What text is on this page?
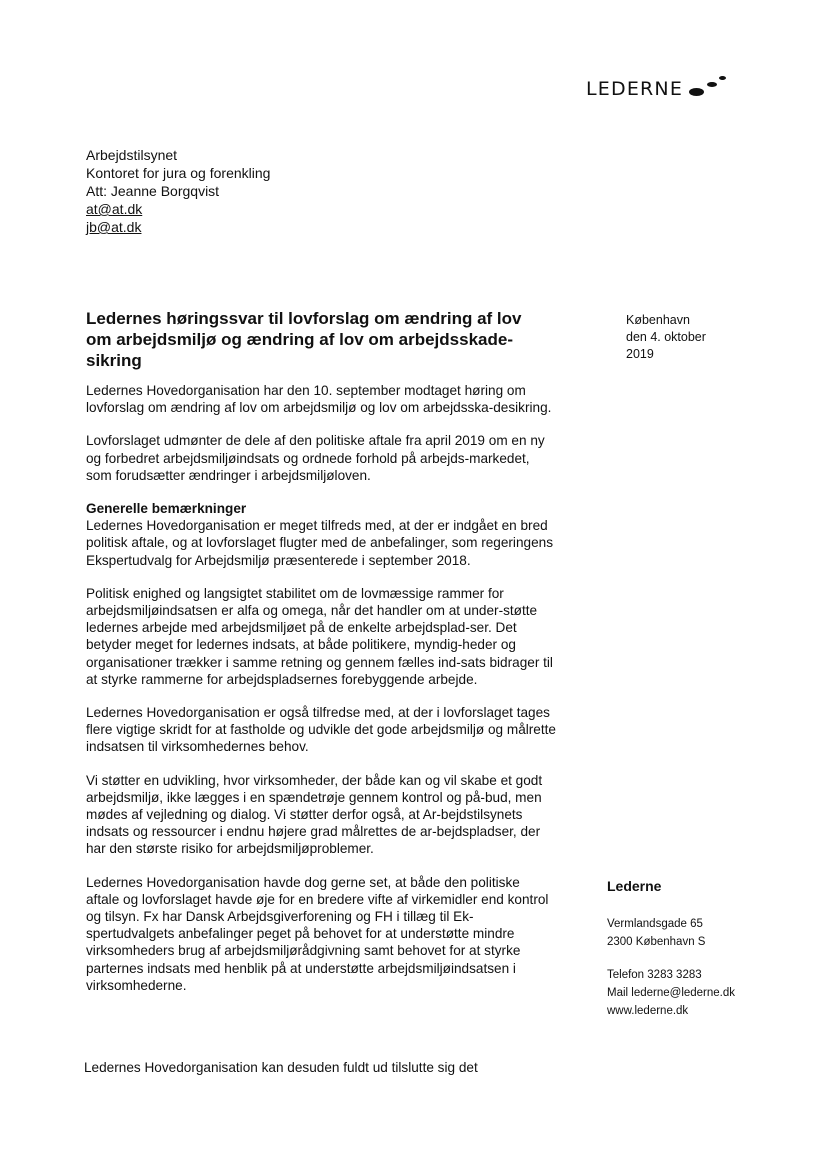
LEDERNE
Arbejdstilsynet
Kontoret for jura og forenkling
Att: Jeanne Borgqvist
at@at.dk
jb@at.dk
Ledernes høringssvar til lovforslag om ændring af lov om arbejdsmiljø og ændring af lov om arbejdsskade-sikring
København
den 4. oktober
2019

Ledernes Hovedorganisation har den 10. september modtaget høring om lovforslag om ændring af lov om arbejdsmiljø og lov om arbejdsska-desikring.

Lovforslaget udmønter de dele af den politiske aftale fra april 2019 om en ny og forbedret arbejdsmiljøindsats og ordnede forhold på arbejds-markedet, som forudsætter ændringer i arbejdsmiljøloven.

Generelle bemærkninger
Ledernes Hovedorganisation er meget tilfreds med, at der er indgået en bred politisk aftale, og at lovforslaget flugter med de anbefalinger, som regeringens Ekspertudvalg for Arbejdsmiljø præsenterede i september 2018.

Politisk enighed og langsigtet stabilitet om de lovmæssige rammer for arbejdsmiljøindsatsen er alfa og omega, når det handler om at under-støtte ledernes arbejde med arbejdsmiljøet på de enkelte arbejdsplad-ser. Det betyder meget for ledernes indsats, at både politikere, myndig-heder og organisationer trækker i samme retning og gennem fælles ind-sats bidrager til at styrke rammerne for arbejdspladsernes forebyggende arbejde.

Ledernes Hovedorganisation er også tilfredse med, at der i lovforslaget tages flere vigtige skridt for at fastholde og udvikle det gode arbejdsmiljø og målrette indsatsen til virksomhedernes behov.

Vi støtter en udvikling, hvor virksomheder, der både kan og vil skabe et godt arbejdsmiljø, ikke lægges i en spændetrøje gennem kontrol og på-bud, men mødes af vejledning og dialog. Vi støtter derfor også, at Ar-bejdstilsynets indsats og ressourcer i endnu højere grad målrettes de ar-bejdspladser, der har den største risiko for arbejdsmiljøproblemer.

Ledernes Hovedorganisation havde dog gerne set, at både den politiske aftale og lovforslaget havde øje for en bredere vifte af virkemidler end kontrol og tilsyn. Fx har Dansk Arbejdsgiverforening og FH i tillæg til Ek-spertudvalgets anbefalinger peget på behovet for at understøtte mindre virksomheders brug af arbejdsmiljørådgivning samt behovet for at styrke parternes indsats med henblik på at understøtte arbejdsmiljøindsatsen i virksomhederne.

Ledernes Hovedorganisation kan desuden fuldt ud tilslutte sig det
Lederne
Vermlandsgade 65
2300 København S
Telefon 3283 3283
Mail lederne@lederne.dk
www.lederne.dk
